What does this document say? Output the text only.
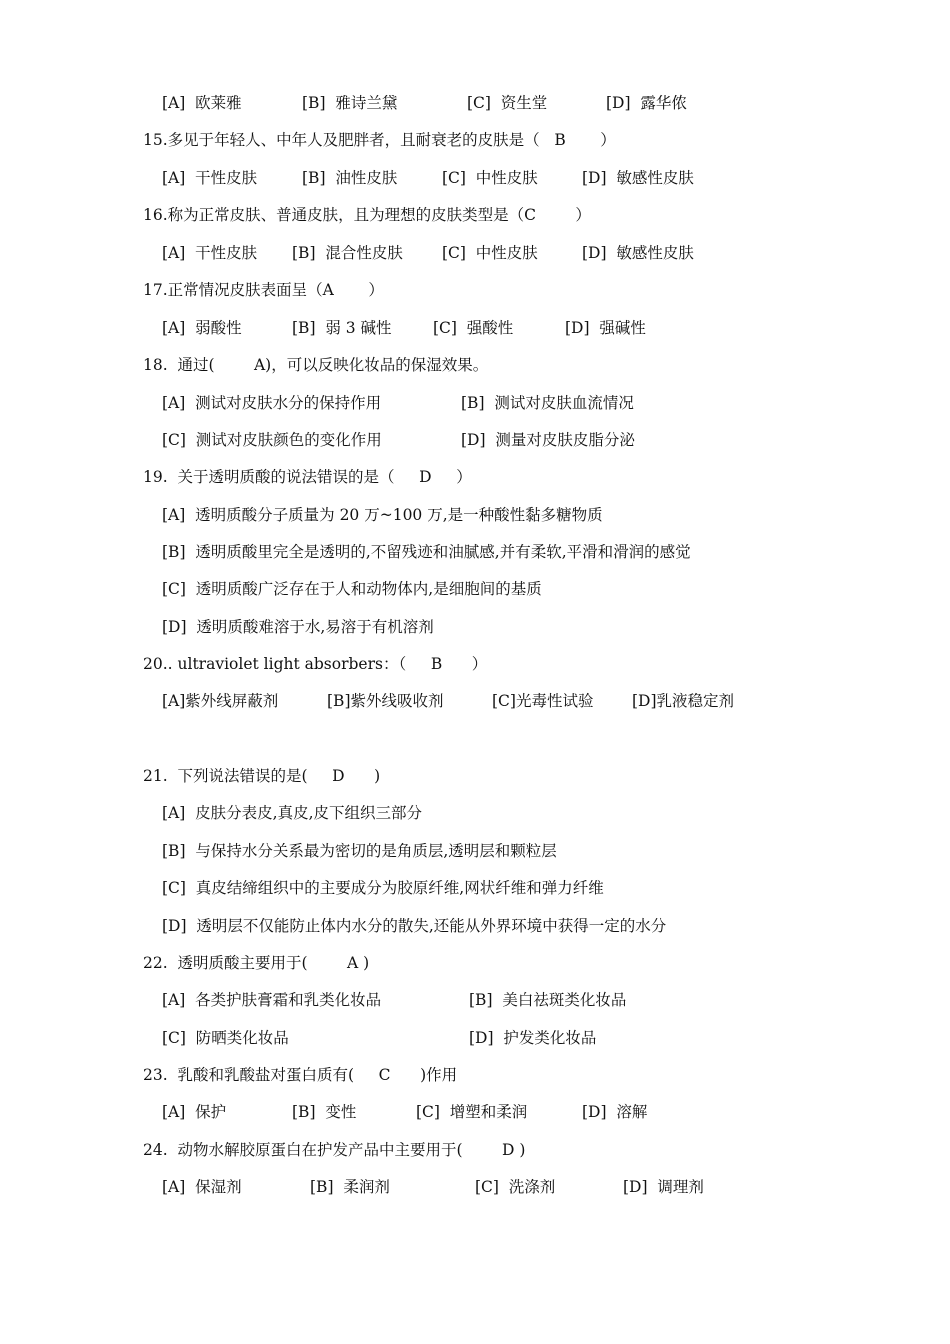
[A]  欧莱雅	[B]  雅诗兰黛	[C]  资生堂	[D]  露华侬
15.多见于年轻人、中年人及肥胖者，且耐衰老的皮肤是（   B       ）
[A]  干性皮肤	[B]  油性皮肤	[C]  中性皮肤	[D]  敏感性皮肤
16.称为正常皮肤、普通皮肤，且为理想的皮肤类型是（C        ）
[A]  干性皮肤 [B]  混合性皮肤	[C]  中性皮肤	[D]  敏感性皮肤
17.正常情况皮肤表面呈（A       ）
[A]  弱酸性	[B]  弱 3 碱性	[C]  强酸性	[D]  强碱性
18.  通过(        A)，可以反映化妆品的保湿效果。
[A]  测试对皮肤水分的保持作用	[B]  测试对皮肤血流情况
[C]  测试对皮肤颜色的变化作用	[D]  测量对皮肤皮脂分泌
19.  关于透明质酸的说法错误的是（     D     ）
[A]  透明质酸分子质量为 20 万~100 万,是一种酸性黏多糖物质
[B]  透明质酸里完全是透明的,不留残迹和油腻感,并有柔软,平滑和滑润的感觉
[C]  透明质酸广泛存在于人和动物体内,是细胞间的基质
[D]  透明质酸难溶于水,易溶于有机溶剂
20.. ultraviolet light absorbers：（     B      ）
[A]紫外线屏蔽剂	[B]紫外线吸收剂	[C]光毒性试验 [D]乳液稳定剂
21.  下列说法错误的是(     D      )
[A]  皮肤分表皮,真皮,皮下组织三部分
[B]  与保持水分关系最为密切的是角质层,透明层和颗粒层
[C]  真皮结缔组织中的主要成分为胶原纤维,网状纤维和弹力纤维
[D]  透明层不仅能防止体内水分的散失,还能从外界环境中获得一定的水分
22.  透明质酸主要用于(        A )
[A]  各类护肤膏霜和乳类化妆品	[B]  美白祛斑类化妆品
[C]  防晒类化妆品	[D]  护发类化妆品
23.  乳酸和乳酸盐对蛋白质有(     C      )作用
[A]  保护	[B]  变性	[C]  增塑和柔润	[D]  溶解
24.  动物水解胶原蛋白在护发产品中主要用于(        D )
[A]  保湿剂	[B]  柔润剂	[C]  洗涤剂	[D]  调理剂
